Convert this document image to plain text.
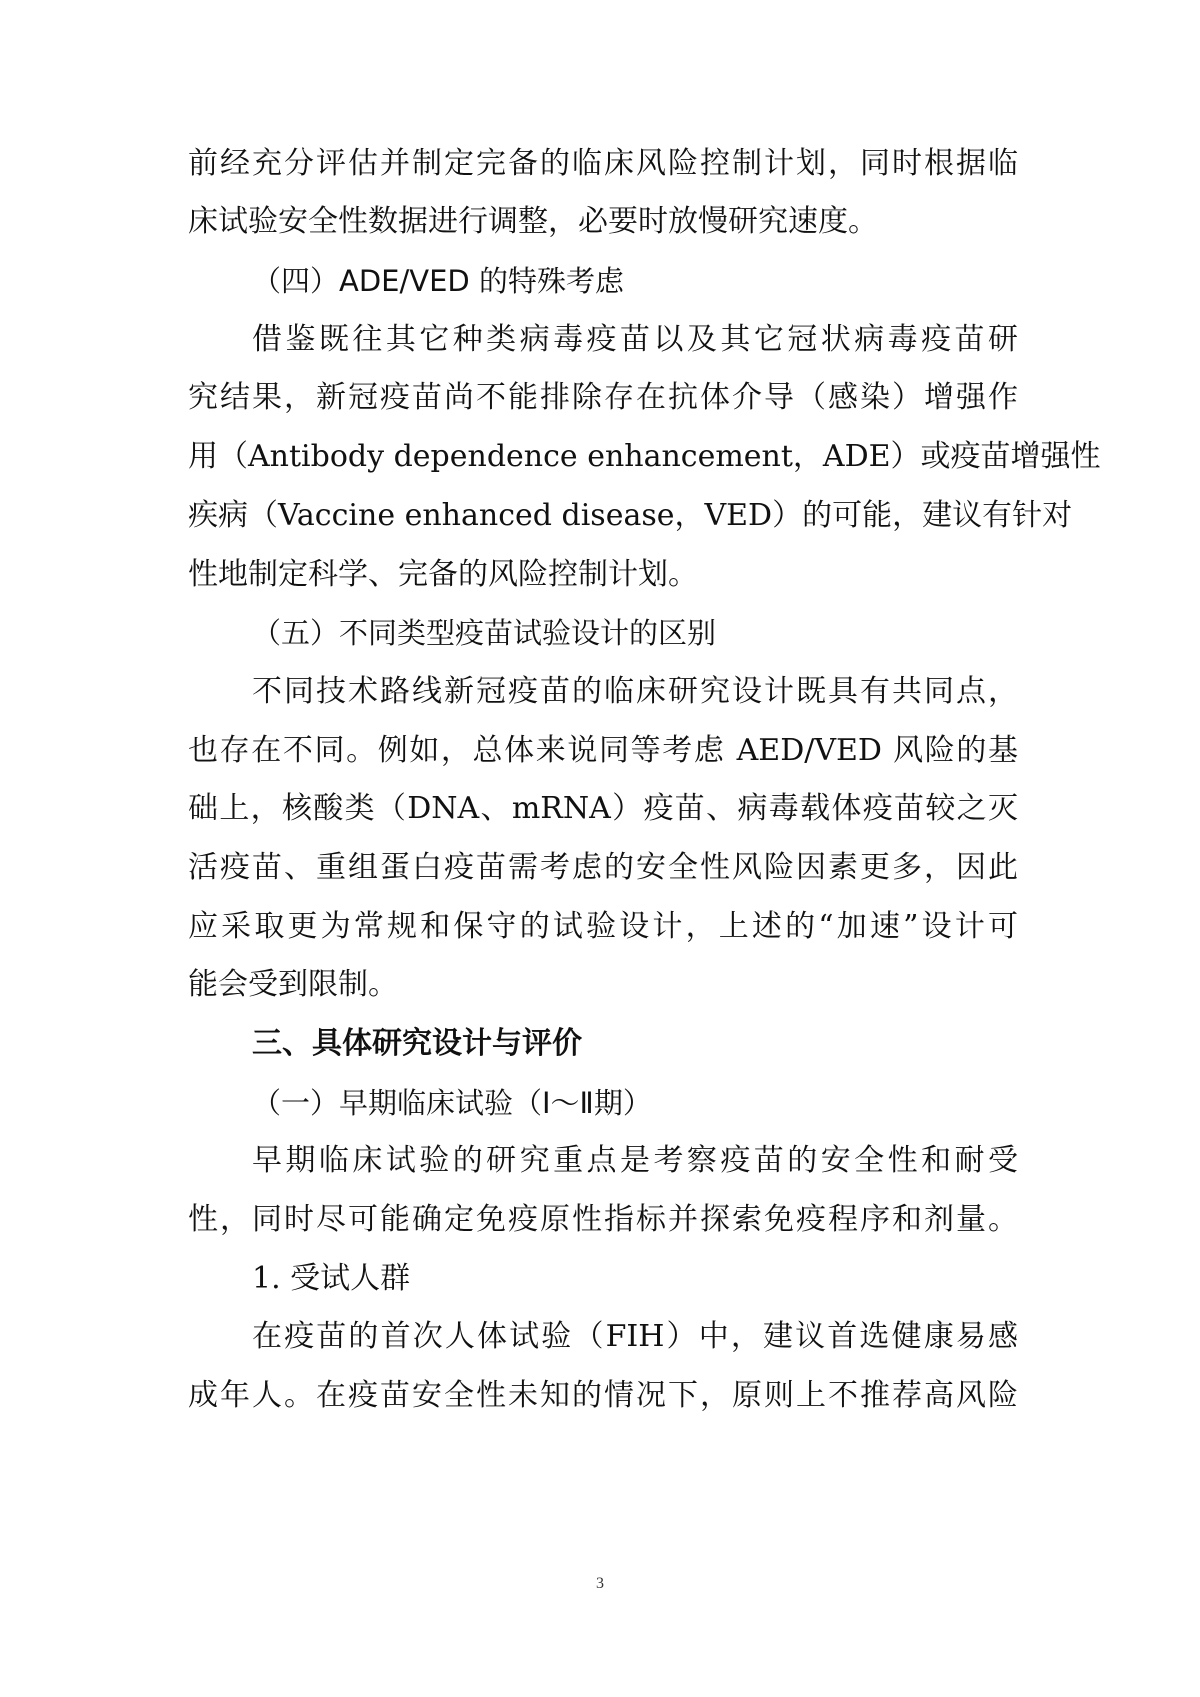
前经充分评估并制定完备的临床风险控制计划，同时根据临
床试验安全性数据进行调整，必要时放慢研究速度。
（四）ADE/VED 的特殊考虑
借鉴既往其它种类病毒疫苗以及其它冠状病毒疫苗研
究结果，新冠疫苗尚不能排除存在抗体介导（感染）增强作
用（Antibody dependence enhancement，ADE）或疫苗增强性
疾病（Vaccine enhanced disease，VED）的可能，建议有针对
性地制定科学、完备的风险控制计划。
（五）不同类型疫苗试验设计的区别
不同技术路线新冠疫苗的临床研究设计既具有共同点，
也存在不同。例如，总体来说同等考虑 AED/VED 风险的基
础上，核酸类（DNA、mRNA）疫苗、病毒载体疫苗较之灭
活疫苗、重组蛋白疫苗需考虑的安全性风险因素更多，因此
应采取更为常规和保守的试验设计，上述的“加速”设计可
能会受到限制。
三、具体研究设计与评价
（一）早期临床试验（Ⅰ～Ⅱ期）
早期临床试验的研究重点是考察疫苗的安全性和耐受
性，同时尽可能确定免疫原性指标并探索免疫程序和剂量。
1. 受试人群
在疫苗的首次人体试验（FIH）中，建议首选健康易感
成年人。在疫苗安全性未知的情况下，原则上不推荐高风险
3
